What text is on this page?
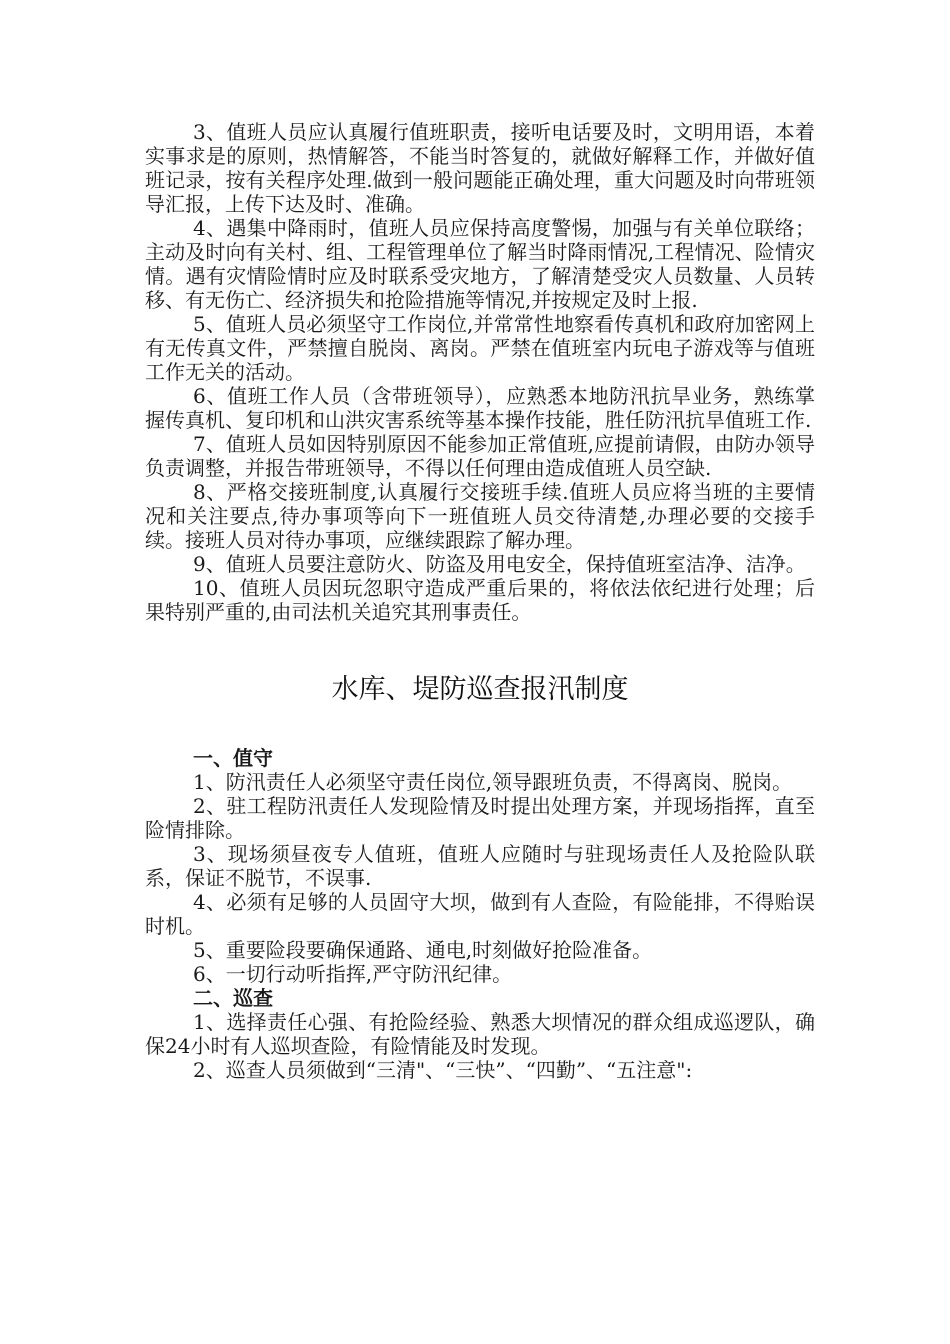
3、值班人员应认真履行值班职责，接听电话要及时，文明用语，本着实事求是的原则，热情解答，不能当时答复的，就做好解释工作，并做好值班记录，按有关程序处理.做到一般问题能正确处理，重大问题及时向带班领导汇报，上传下达及时、准确。

4、遇集中降雨时，值班人员应保持高度警惕，加强与有关单位联络；主动及时向有关村、组、工程管理单位了解当时降雨情况,工程情况、险情灾情。遇有灾情险情时应及时联系受灾地方，了解清楚受灾人员数量、人员转移、有无伤亡、经济损失和抢险措施等情况,并按规定及时上报.

5、值班人员必须坚守工作岗位,并常常性地察看传真机和政府加密网上有无传真文件，严禁擅自脱岗、离岗。严禁在值班室内玩电子游戏等与值班工作无关的活动。

6、值班工作人员（含带班领导），应熟悉本地防汛抗旱业务，熟练掌握传真机、复印机和山洪灾害系统等基本操作技能，胜任防汛抗旱值班工作.

7、值班人员如因特别原因不能参加正常值班,应提前请假，由防办领导负责调整，并报告带班领导，不得以任何理由造成值班人员空缺.

8、严格交接班制度,认真履行交接班手续.值班人员应将当班的主要情况和关注要点,待办事项等向下一班值班人员交待清楚,办理必要的交接手续。接班人员对待办事项，应继续跟踪了解办理。

9、值班人员要注意防火、防盗及用电安全，保持值班室洁净、洁净。

10、值班人员因玩忽职守造成严重后果的，将依法依纪进行处理；后果特别严重的,由司法机关追究其刑事责任。

水库、堤防巡查报汛制度

一、值守

1、防汛责任人必须坚守责任岗位,领导跟班负责，不得离岗、脱岗。

2、驻工程防汛责任人发现险情及时提出处理方案，并现场指挥，直至险情排除。

3、现场须昼夜专人值班，值班人应随时与驻现场责任人及抢险队联系，保证不脱节，不误事.

4、必须有足够的人员固守大坝，做到有人查险，有险能排，不得贻误时机。

5、重要险段要确保通路、通电,时刻做好抢险准备。

6、一切行动听指挥,严守防汛纪律。

二、巡查

1、选择责任心强、有抢险经验、熟悉大坝情况的群众组成巡逻队，确保24小时有人巡坝查险，有险情能及时发现。

2、巡查人员须做到“三清"、“三快”、“四勤”、“五注意":
